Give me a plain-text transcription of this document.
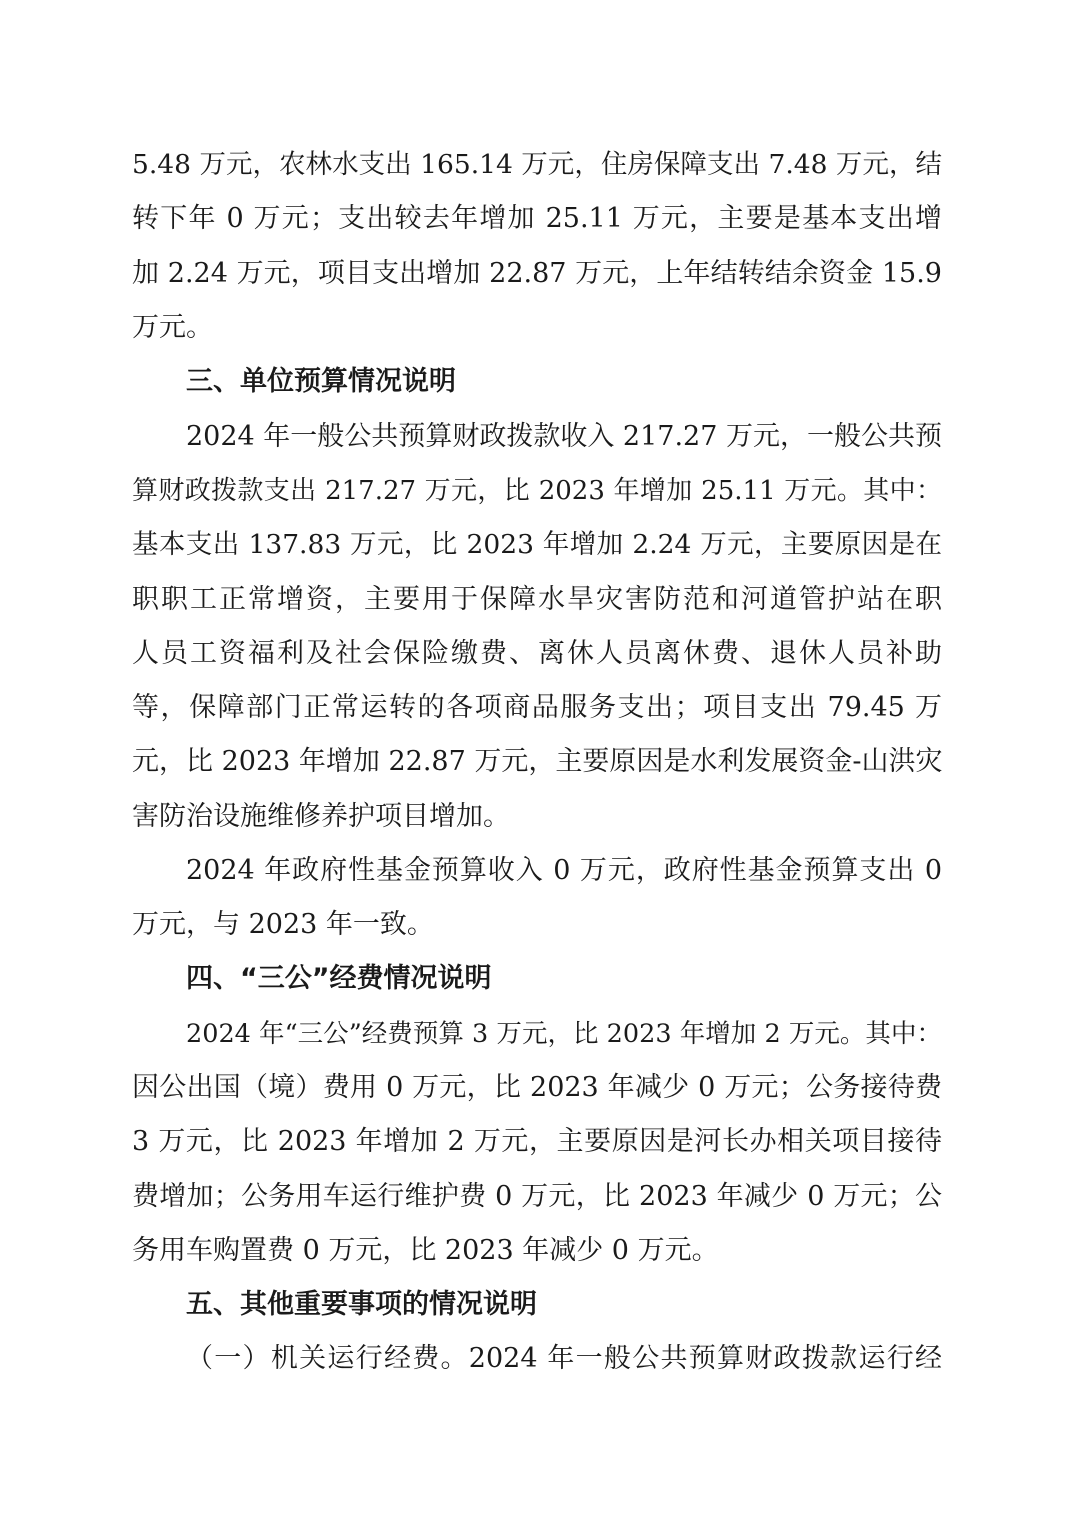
5.48 万元，农林水支出 165.14 万元，住房保障支出 7.48 万元，结
转下年 0 万元；支出较去年增加 25.11 万元，主要是基本支出增
加 2.24 万元，项目支出增加 22.87 万元，上年结转结余资金 15.9
万元。
三、单位预算情况说明
2024 年一般公共预算财政拨款收入 217.27 万元，一般公共预
算财政拨款支出 217.27 万元，比 2023 年增加 25.11 万元。其中：
基本支出 137.83 万元，比 2023 年增加 2.24 万元，主要原因是在
职职工正常增资，主要用于保障水旱灾害防范和河道管护站在职
人员工资福利及社会保险缴费、离休人员离休费、退休人员补助
等，保障部门正常运转的各项商品服务支出；项目支出 79.45 万
元，比 2023 年增加 22.87 万元，主要原因是水利发展资金-山洪灾
害防治设施维修养护项目增加。
2024 年政府性基金预算收入 0 万元，政府性基金预算支出 0
万元，与 2023 年一致。
四、“三公”经费情况说明
2024 年“三公”经费预算 3 万元，比 2023 年增加 2 万元。其中：
因公出国（境）费用 0 万元，比 2023 年减少 0 万元；公务接待费
3 万元，比 2023 年增加 2 万元，主要原因是河长办相关项目接待
费增加；公务用车运行维护费 0 万元，比 2023 年减少 0 万元；公
务用车购置费 0 万元，比 2023 年减少 0 万元。
五、其他重要事项的情况说明
（一）机关运行经费。2024 年一般公共预算财政拨款运行经
